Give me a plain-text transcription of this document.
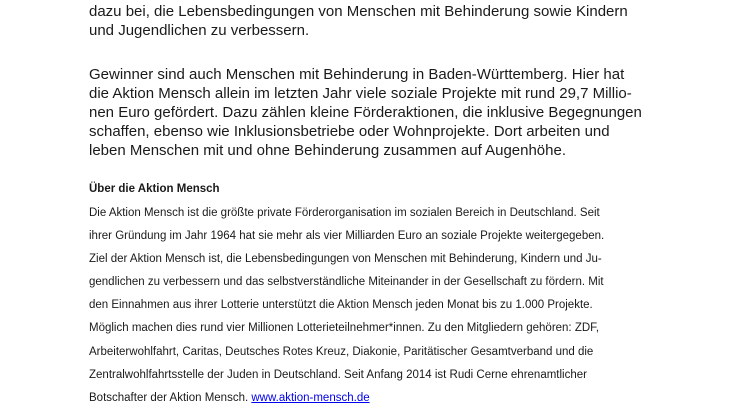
dazu bei, die Lebensbedingungen von Menschen mit Behinderung sowie Kindern
und Jugendlichen zu verbessern.

Gewinner sind auch Menschen mit Behinderung in Baden-Württemberg. Hier hat
die Aktion Mensch allein im letzten Jahr viele soziale Projekte mit rund 29,7 Millio-
nen Euro gefördert. Dazu zählen kleine Förderaktionen, die inklusive Begegnungen
schaffen, ebenso wie Inklusionsbetriebe oder Wohnprojekte. Dort arbeiten und
leben Menschen mit und ohne Behinderung zusammen auf Augenhöhe.

Über die Aktion Mensch

Die Aktion Mensch ist die größte private Förderorganisation im sozialen Bereich in Deutschland. Seit
ihrer Gründung im Jahr 1964 hat sie mehr als vier Milliarden Euro an soziale Projekte weitergegeben.
Ziel der Aktion Mensch ist, die Lebensbedingungen von Menschen mit Behinderung, Kindern und Ju-
gendlichen zu verbessern und das selbstverständliche Miteinander in der Gesellschaft zu fördern. Mit
den Einnahmen aus ihrer Lotterie unterstützt die Aktion Mensch jeden Monat bis zu 1.000 Projekte.
Möglich machen dies rund vier Millionen Lotterieteilnehmer*innen. Zu den Mitgliedern gehören: ZDF,
Arbeiterwohlfahrt, Caritas, Deutsches Rotes Kreuz, Diakonie, Paritätischer Gesamtverband und die
Zentralwohlfahrtsstelle der Juden in Deutschland. Seit Anfang 2014 ist Rudi Cerne ehrenamtlicher
Botschafter der Aktion Mensch. www.aktion-mensch.de
